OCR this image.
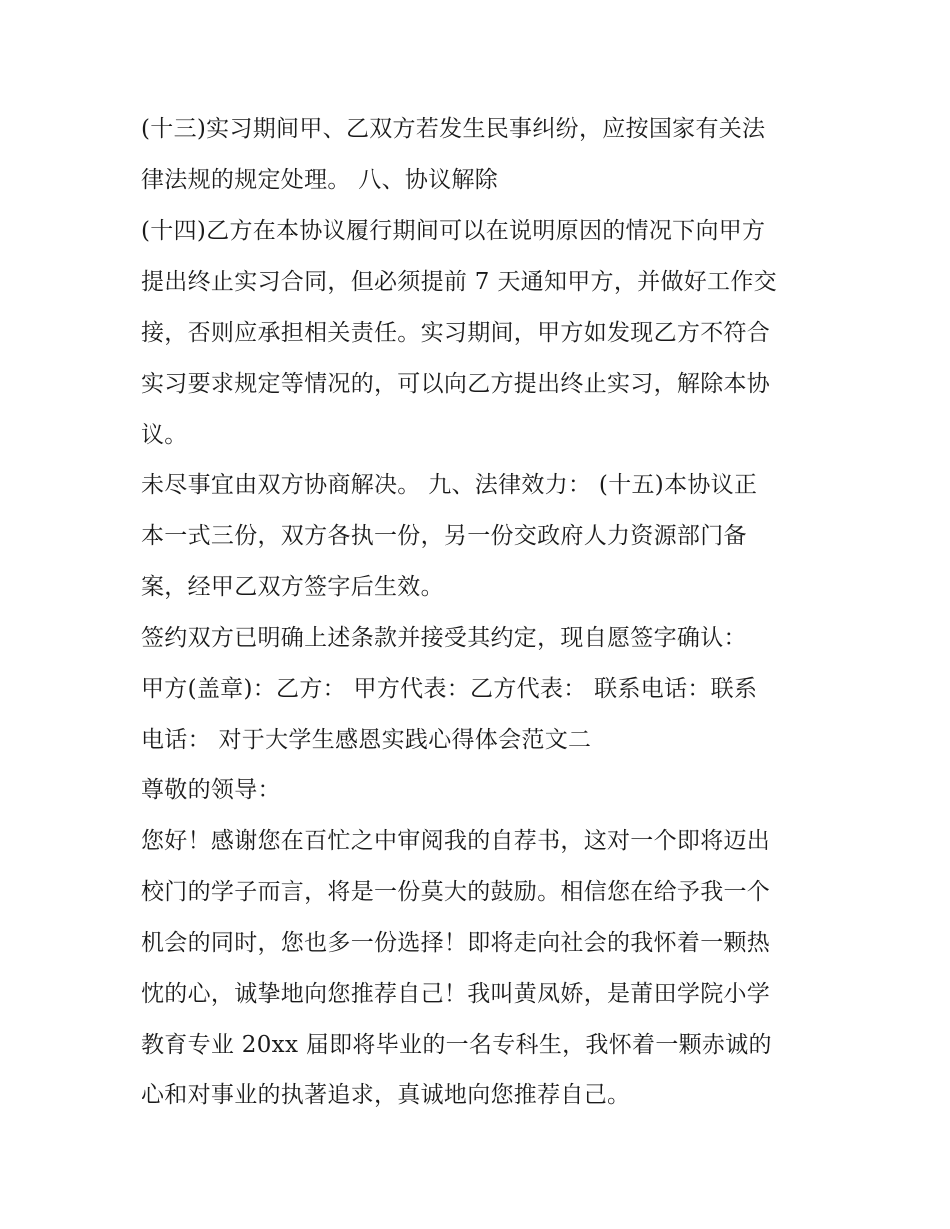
(十三)实习期间甲、乙双方若发生民事纠纷，应按国家有关法
律法规的规定处理。 八、协议解除
(十四)乙方在本协议履行期间可以在说明原因的情况下向甲方
提出终止实习合同，但必须提前 7 天通知甲方，并做好工作交
接，否则应承担相关责任。实习期间，甲方如发现乙方不符合
实习要求规定等情况的，可以向乙方提出终止实习，解除本协
议。
未尽事宜由双方协商解决。 九、法律效力： (十五)本协议正
本一式三份，双方各执一份，另一份交政府人力资源部门备
案，经甲乙双方签字后生效。
签约双方已明确上述条款并接受其约定，现自愿签字确认：
甲方(盖章)：乙方： 甲方代表：乙方代表： 联系电话：联系
电话： 对于大学生感恩实践心得体会范文二
尊敬的领导：
您好！感谢您在百忙之中审阅我的自荐书，这对一个即将迈出
校门的学子而言，将是一份莫大的鼓励。相信您在给予我一个
机会的同时，您也多一份选择！即将走向社会的我怀着一颗热
忱的心，诚挚地向您推荐自己！我叫黄凤娇，是莆田学院小学
教育专业 20xx 届即将毕业的一名专科生，我怀着一颗赤诚的
心和对事业的执著追求，真诚地向您推荐自己。
